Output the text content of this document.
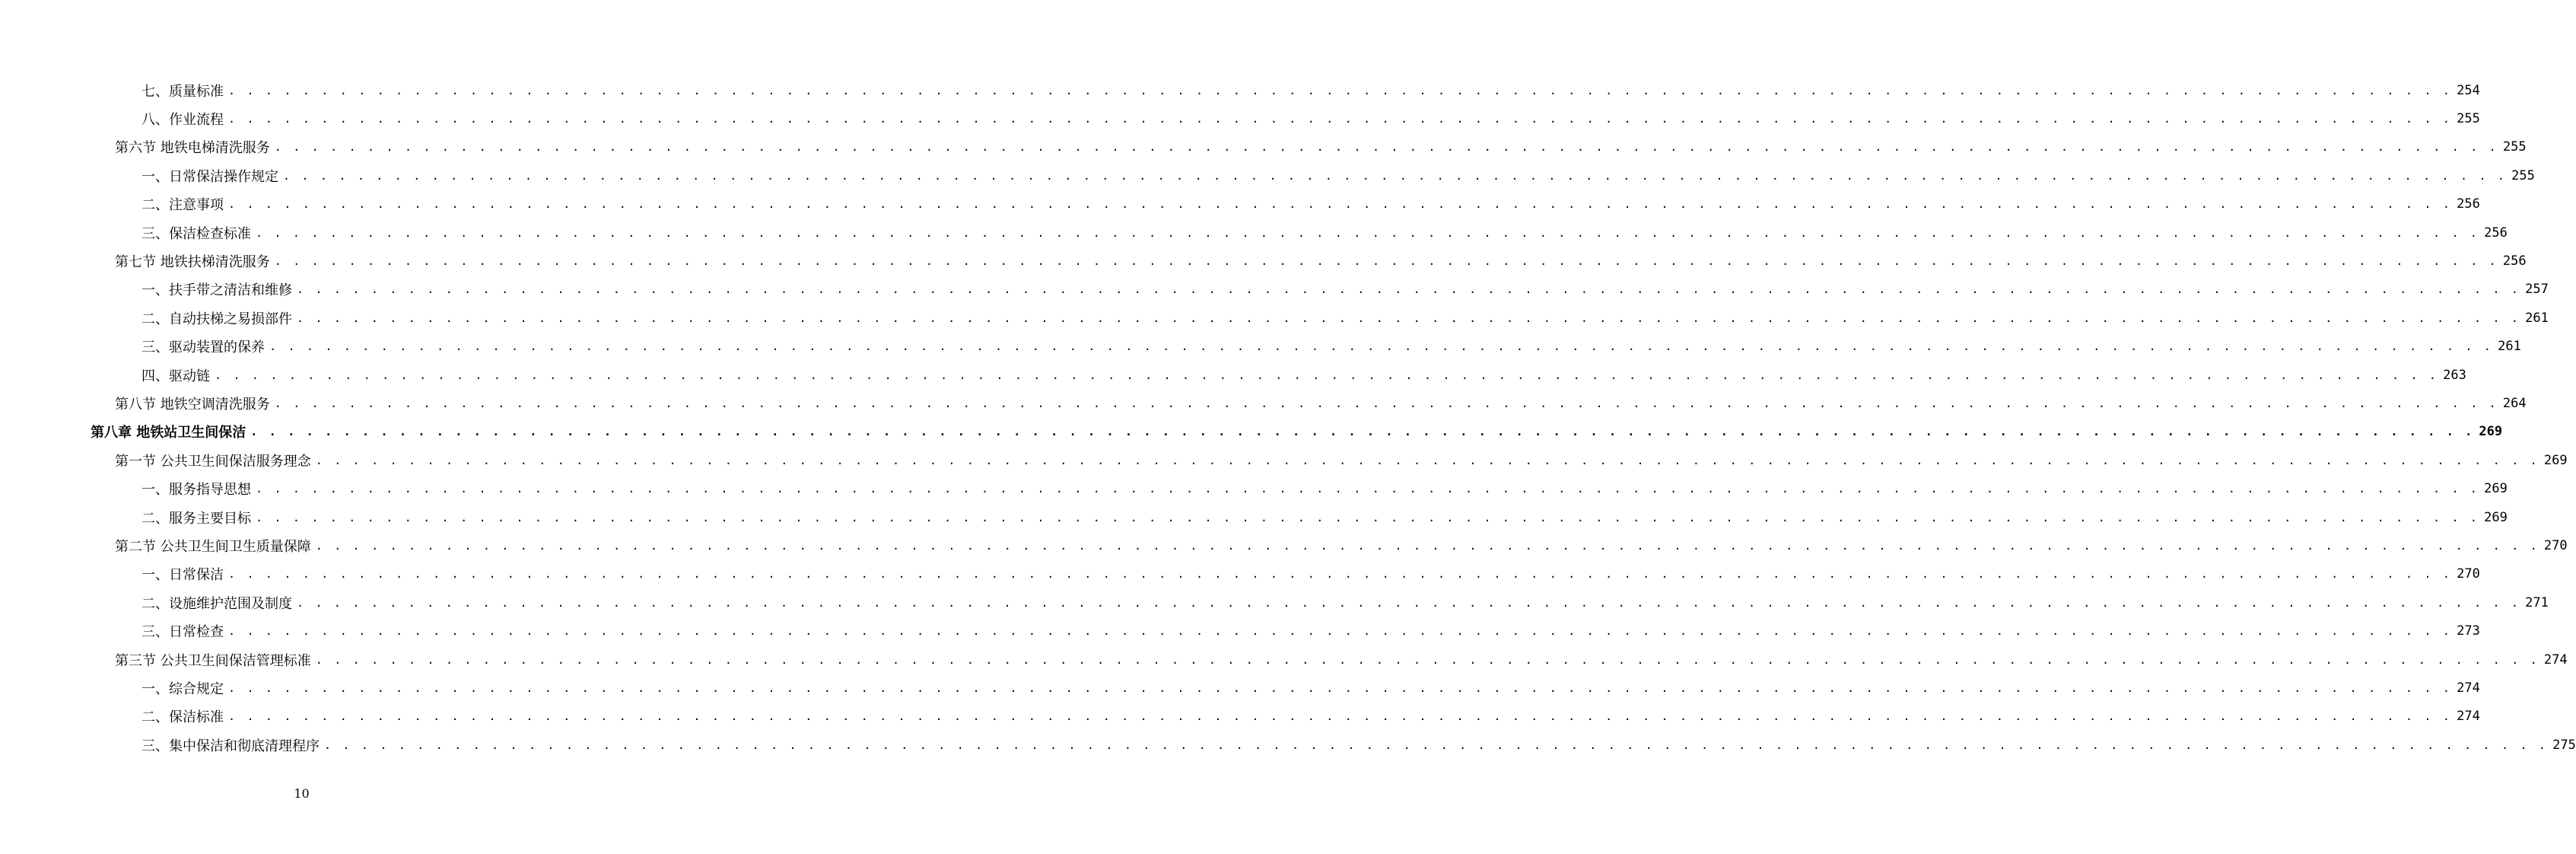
七、质量标准 . . . . . . . . . . . . . . . . . . . . . . . . . . . . . . . . . . . . . . . . . . . . . . . . . . . . . . . . . . . . . . . . . . . . . . . . . . . . . . . . . . . . . . . . . . . . . . . . . . . . . . . . . . . . . . . . . . . . . . . . 254
八、作业流程 . . . . . . . . . . . . . . . . . . . . . . . . . . . . . . . . . . . . . . . . . . . . . . . . . . . . . . . . . . . . . . . . . . . . . . . . . . . . . . . . . . . . . . . . . . . . . . . . . . . . . . . . . . . . . . . . . . . . . . . . 255
第六节 地铁电梯清洗服务 . . . . . . . . . . . . . . . . . . . . . . . . . . . . . . . . . . . . . . . . . . . . . . . . . . . . . . . . . . . . . . . . . . . . . . . . . . . . . . . . . . . . . . . . . . . . . . . . . . . . . . . . . . . . . . . . . . . . . . . . 255
一、日常保洁操作规定 . . . . . . . . . . . . . . . . . . . . . . . . . . . . . . . . . . . . . . . . . . . . . . . . . . . . . . . . . . . . . . . . . . . . . . . . . . . . . . . . . . . . . . . . . . . . . . . . . . . . . . . . . . . . . . . . . . . . . . . . 255
二、注意事项 . . . . . . . . . . . . . . . . . . . . . . . . . . . . . . . . . . . . . . . . . . . . . . . . . . . . . . . . . . . . . . . . . . . . . . . . . . . . . . . . . . . . . . . . . . . . . . . . . . . . . . . . . . . . . . . . . . . . . . . . 256
三、保洁检查标准 . . . . . . . . . . . . . . . . . . . . . . . . . . . . . . . . . . . . . . . . . . . . . . . . . . . . . . . . . . . . . . . . . . . . . . . . . . . . . . . . . . . . . . . . . . . . . . . . . . . . . . . . . . . . . . . . . . . . . . . . 256
第七节 地铁扶梯清洗服务 . . . . . . . . . . . . . . . . . . . . . . . . . . . . . . . . . . . . . . . . . . . . . . . . . . . . . . . . . . . . . . . . . . . . . . . . . . . . . . . . . . . . . . . . . . . . . . . . . . . . . . . . . . . . . . . . . . . . . . . . 256
一、扶手带之清洁和维修 . . . . . . . . . . . . . . . . . . . . . . . . . . . . . . . . . . . . . . . . . . . . . . . . . . . . . . . . . . . . . . . . . . . . . . . . . . . . . . . . . . . . . . . . . . . . . . . . . . . . . . . . . . . . . . . . . . . . . . . . 257
二、自动扶梯之易损部件 . . . . . . . . . . . . . . . . . . . . . . . . . . . . . . . . . . . . . . . . . . . . . . . . . . . . . . . . . . . . . . . . . . . . . . . . . . . . . . . . . . . . . . . . . . . . . . . . . . . . . . . . . . . . . . . . . . . . . . . . 261
三、驱动装置的保养 . . . . . . . . . . . . . . . . . . . . . . . . . . . . . . . . . . . . . . . . . . . . . . . . . . . . . . . . . . . . . . . . . . . . . . . . . . . . . . . . . . . . . . . . . . . . . . . . . . . . . . . . . . . . . . . . . . . . . . . . 261
四、驱动链 . . . . . . . . . . . . . . . . . . . . . . . . . . . . . . . . . . . . . . . . . . . . . . . . . . . . . . . . . . . . . . . . . . . . . . . . . . . . . . . . . . . . . . . . . . . . . . . . . . . . . . . . . . . . . . . . . . . . . . . . 263
第八节 地铁空调清洗服务 . . . . . . . . . . . . . . . . . . . . . . . . . . . . . . . . . . . . . . . . . . . . . . . . . . . . . . . . . . . . . . . . . . . . . . . . . . . . . . . . . . . . . . . . . . . . . . . . . . . . . . . . . . . . . . . . . . . . . . . . 264
第八章 地铁站卫生间保洁 . . . . . . . . . . . . . . . . . . . . . . . . . . . . . . . . . . . . . . . . . . . . . . . . . . . . . . . . . . . . . . . . . . . . . . . . . . . . . . . . . . . . . . . . . . . . . . . . . . . . . . . . . . . . . . . . . . . . . . . . 269
第一节 公共卫生间保洁服务理念 . . . . . . . . . . . . . . . . . . . . . . . . . . . . . . . . . . . . . . . . . . . . . . . . . . . . . . . . . . . . . . . . . . . . . . . . . . . . . . . . . . . . . . . . . . . . . . . . . . . . . . . . . . . . . . . . . . . . . . . . 269
一、服务指导思想 . . . . . . . . . . . . . . . . . . . . . . . . . . . . . . . . . . . . . . . . . . . . . . . . . . . . . . . . . . . . . . . . . . . . . . . . . . . . . . . . . . . . . . . . . . . . . . . . . . . . . . . . . . . . . . . . . . . . . . . . 269
二、服务主要目标 . . . . . . . . . . . . . . . . . . . . . . . . . . . . . . . . . . . . . . . . . . . . . . . . . . . . . . . . . . . . . . . . . . . . . . . . . . . . . . . . . . . . . . . . . . . . . . . . . . . . . . . . . . . . . . . . . . . . . . . . 269
第二节 公共卫生间卫生质量保障 . . . . . . . . . . . . . . . . . . . . . . . . . . . . . . . . . . . . . . . . . . . . . . . . . . . . . . . . . . . . . . . . . . . . . . . . . . . . . . . . . . . . . . . . . . . . . . . . . . . . . . . . . . . . . . . . . . . . . . . . 270
一、日常保洁 . . . . . . . . . . . . . . . . . . . . . . . . . . . . . . . . . . . . . . . . . . . . . . . . . . . . . . . . . . . . . . . . . . . . . . . . . . . . . . . . . . . . . . . . . . . . . . . . . . . . . . . . . . . . . . . . . . . . . . . . 270
二、设施维护范围及制度 . . . . . . . . . . . . . . . . . . . . . . . . . . . . . . . . . . . . . . . . . . . . . . . . . . . . . . . . . . . . . . . . . . . . . . . . . . . . . . . . . . . . . . . . . . . . . . . . . . . . . . . . . . . . . . . . . . . . . . . . 271
三、日常检查 . . . . . . . . . . . . . . . . . . . . . . . . . . . . . . . . . . . . . . . . . . . . . . . . . . . . . . . . . . . . . . . . . . . . . . . . . . . . . . . . . . . . . . . . . . . . . . . . . . . . . . . . . . . . . . . . . . . . . . . . 273
第三节 公共卫生间保洁管理标准 . . . . . . . . . . . . . . . . . . . . . . . . . . . . . . . . . . . . . . . . . . . . . . . . . . . . . . . . . . . . . . . . . . . . . . . . . . . . . . . . . . . . . . . . . . . . . . . . . . . . . . . . . . . . . . . . . . . . . . . . 274
一、综合规定 . . . . . . . . . . . . . . . . . . . . . . . . . . . . . . . . . . . . . . . . . . . . . . . . . . . . . . . . . . . . . . . . . . . . . . . . . . . . . . . . . . . . . . . . . . . . . . . . . . . . . . . . . . . . . . . . . . . . . . . . 274
二、保洁标准 . . . . . . . . . . . . . . . . . . . . . . . . . . . . . . . . . . . . . . . . . . . . . . . . . . . . . . . . . . . . . . . . . . . . . . . . . . . . . . . . . . . . . . . . . . . . . . . . . . . . . . . . . . . . . . . . . . . . . . . . 274
三、集中保洁和彻底清理程序 . . . . . . . . . . . . . . . . . . . . . . . . . . . . . . . . . . . . . . . . . . . . . . . . . . . . . . . . . . . . . . . . . . . . . . . . . . . . . . . . . . . . . . . . . . . . . . . . . . . . . . . . . . . . . . . . . . . . . . . . 275
10
